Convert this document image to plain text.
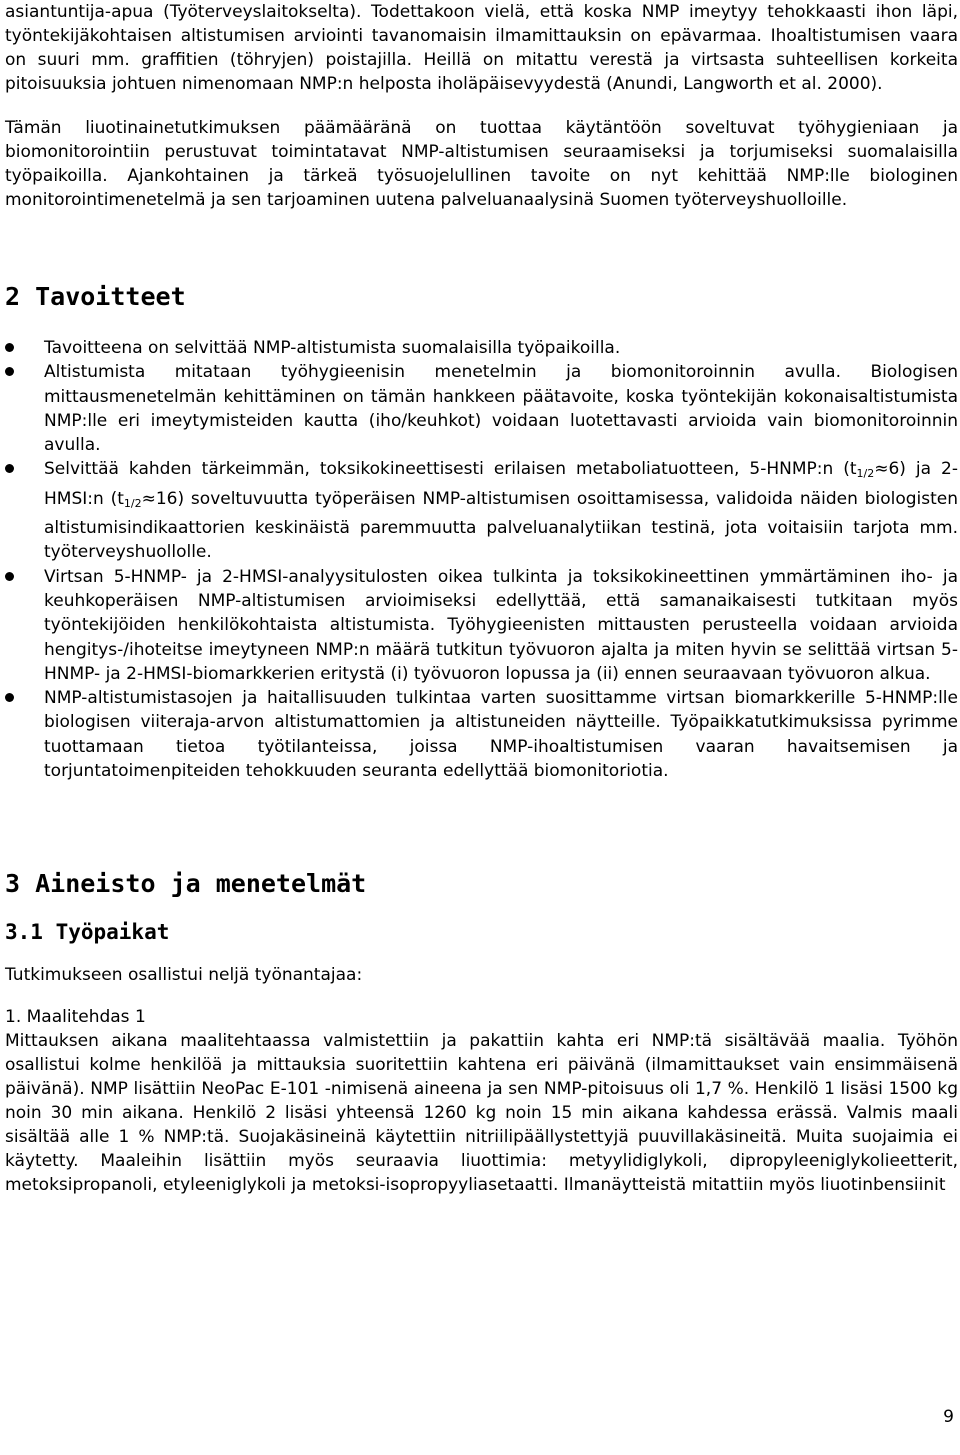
asiantuntija-apua (Työterveyslaitokselta). Todettakoon vielä, että koska NMP imeytyy tehokkaasti ihon läpi, työntekijäkohtaisen altistumisen arviointi tavanomaisin ilmamittauksin on epävarmaa. Ihoaltistumisen vaara on suuri mm. graffitien (töhryjen) poistajilla. Heillä on mitattu verestä ja virtsasta suhteellisen korkeita pitoisuuksia johtuen nimenomaan NMP:n helposta iholäpäisevyydestä (Anundi, Langworth et al. 2000).

Tämän liuotinainetutkimuksen päämääränä on tuottaa käytäntöön soveltuvat työhygieniaan ja biomonitorointiin perustuvat toimintatavat NMP-altistumisen seuraamiseksi ja torjumiseksi suomalaisilla työpaikoilla. Ajankohtainen ja tärkeä työsuojelullinen tavoite on nyt kehittää NMP:lle biologinen monitorointimenetelmä ja sen tarjoaminen uutena palveluanaalysinä Suomen työterveyshuolloille.

2 Tavoitteet

Tavoitteena on selvittää NMP-altistumista suomalaisilla työpaikoilla.

Altistumista mitataan työhygieenisin menetelmin ja biomonitoroinnin avulla. Biologisen mittausmenetelmän kehittäminen on tämän hankkeen päätavoite, koska työntekijän kokonaisaltistumista NMP:lle eri imeytymisteiden kautta (iho/keuhkot) voidaan luotettavasti arvioida vain biomonitoroinnin avulla.

Selvittää kahden tärkeimmän, toksikokineettisesti erilaisen metaboliatuotteen, 5-HNMP:n $(t_{1/2}\approx 6)$ ja 2-HMSI:n $(t_{1/2}\approx 16)$ soveltuvuutta työperäisen NMP-altistumisen osoittamisessa, validoida näiden biologisten altistumisindikaattorien keskinäistä paremmuutta palveluanalytiikan testinä, jota voitaisiin tarjota mm. työterveyshuollolle.

Virtsan 5-HNMP- ja 2-HMSI-analyysitulosten oikea tulkinta ja toksikokineettinen ymmärtäminen iho- ja keuhkoperäisen NMP-altistumisen arvioimiseksi edellyttää, että samanaikaisesti tutkitaan myös työntekijöiden henkilökohtaista altistumista. Työhygieenisten mittausten perusteella voidaan arvioida hengitys-/ihoteitse imeytyneen NMP:n määrä tutkitun työvuoron ajalta ja miten hyvin se selittää virtsan 5-HNMP- ja 2-HMSI-biomarkkerien eritystä (i) työvuoron lopussa ja (ii) ennen seuraavaan työvuoron alkua.

NMP-altistumistasojen ja haitallisuuden tulkintaa varten suosittamme virtsan biomarkkerille 5-HNMP:lle biologisen viiteraja-arvon altistumattomien ja altistuneiden näytteille. Työpaikkatutkimuksissa pyrimme tuottamaan tietoa työtilanteissa, joissa NMP-ihoaltistumisen vaaran havaitsemisen ja torjuntatoimenpiteiden tehokkuuden seuranta edellyttää biomonitoriotia.

3 Aineisto ja menetelmät
3.1 Työpaikat

Tutkimukseen osallistui neljä työnantajaa:

1. Maalitehdas 1

Mittauksen aikana maalitehtaassa valmistettiin ja pakattiin kahta eri NMP:tä sisältävää maalia. Työhön osallistui kolme henkilöä ja mittauksia suoritettiin kahtena eri päivänä (ilmamittaukset vain ensimmäisenä päivänä). NMP lisättiin NeoPac E-101 -nimisenä aineena ja sen NMP-pitoisuus oli 1,7 %. Henkilö 1 lisäsi 1500 kg noin 30 min aikana. Henkilö 2 lisäsi yhteensä 1260 kg noin 15 min aikana kahdessa erässä. Valmis maali sisältää alle 1 % NMP:tä. Suojakäsineinä käytettiin nitriilipäällystettyjä puuvillakäsineitä. Muita suojaimia ei käytetty. Maaleihin lisättiin myös seuraavia liuottimia: metyylidiglykoli, dipropyleeniglykolieetterit, metoksipropanoli, etyleeniglykoli ja metoksi-isopropyyliasetaatti. Ilmanäytteistä mitattiin myös liuotinbensiinit

9
